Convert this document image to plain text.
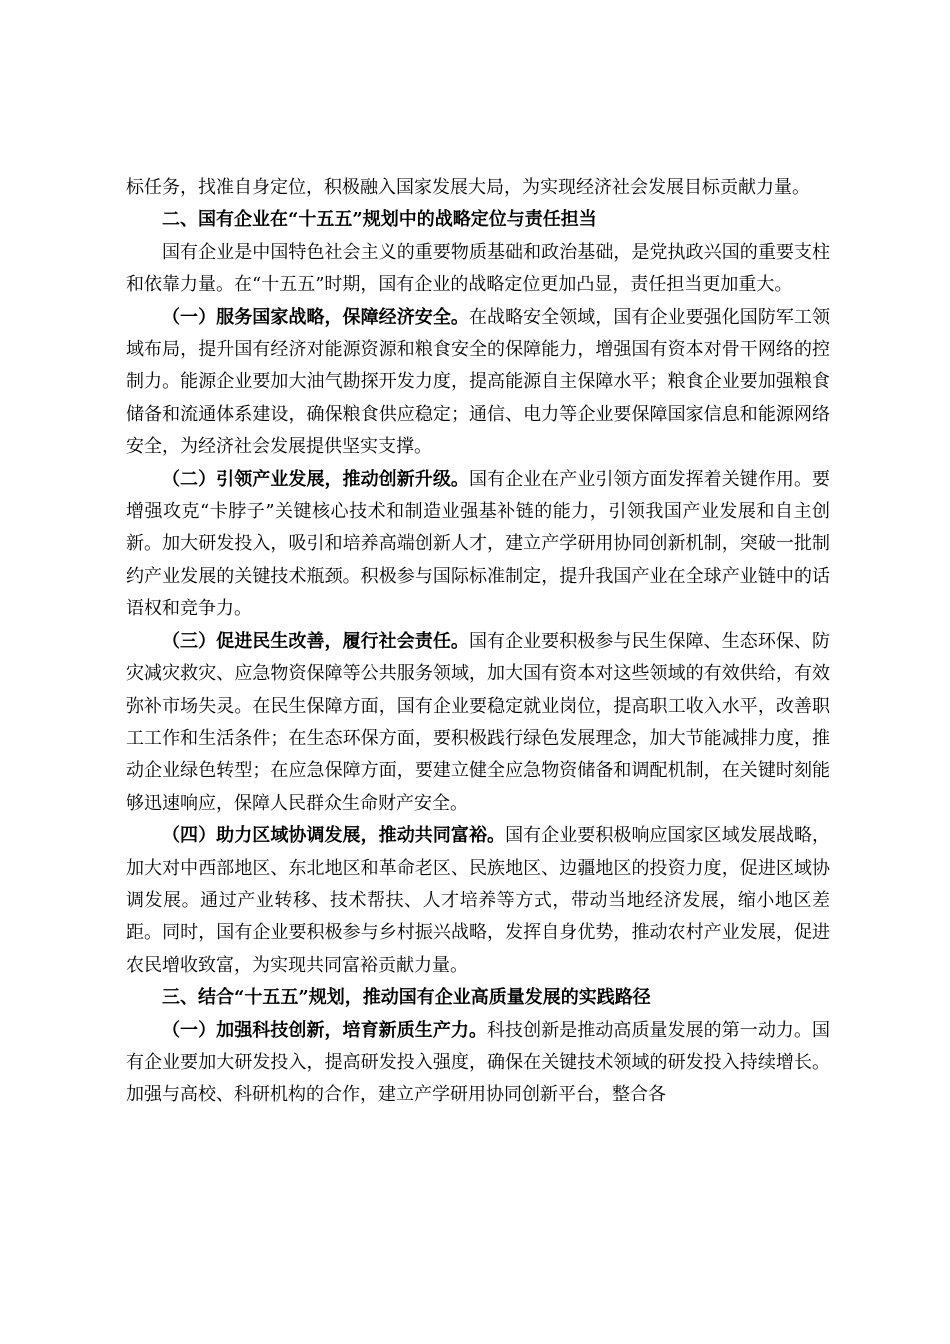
标任务，找准自身定位，积极融入国家发展大局，为实现经济社会发展目标贡献力量。

二、国有企业在“十五五”规划中的战略定位与责任担当

国有企业是中国特色社会主义的重要物质基础和政治基础，是党执政兴国的重要支柱和依靠力量。在“十五五”时期，国有企业的战略定位更加凸显，责任担当更加重大。

（一）服务国家战略，保障经济安全。在战略安全领域，国有企业要强化国防军工领域布局，提升国有经济对能源资源和粮食安全的保障能力，增强国有资本对骨干网络的控制力。能源企业要加大油气勘探开发力度，提高能源自主保障水平；粮食企业要加强粮食储备和流通体系建设，确保粮食供应稳定；通信、电力等企业要保障国家信息和能源网络安全，为经济社会发展提供坚实支撑。

（二）引领产业发展，推动创新升级。国有企业在产业引领方面发挥着关键作用。要增强攻克“卡脖子”关键核心技术和制造业强基补链的能力，引领我国产业发展和自主创新。加大研发投入，吸引和培养高端创新人才，建立产学研用协同创新机制，突破一批制约产业发展的关键技术瓶颈。积极参与国际标准制定，提升我国产业在全球产业链中的话语权和竞争力。

（三）促进民生改善，履行社会责任。国有企业要积极参与民生保障、生态环保、防灾减灾救灾、应急物资保障等公共服务领域，加大国有资本对这些领域的有效供给，有效弥补市场失灵。在民生保障方面，国有企业要稳定就业岗位，提高职工收入水平，改善职工工作和生活条件；在生态环保方面，要积极践行绿色发展理念，加大节能减排力度，推动企业绿色转型；在应急保障方面，要建立健全应急物资储备和调配机制，在关键时刻能够迅速响应，保障人民群众生命财产安全。

（四）助力区域协调发展，推动共同富裕。国有企业要积极响应国家区域发展战略，加大对中西部地区、东北地区和革命老区、民族地区、边疆地区的投资力度，促进区域协调发展。通过产业转移、技术帮扶、人才培养等方式，带动当地经济发展，缩小地区差距。同时，国有企业要积极参与乡村振兴战略，发挥自身优势，推动农村产业发展，促进农民增收致富，为实现共同富裕贡献力量。

三、结合“十五五”规划，推动国有企业高质量发展的实践路径

（一）加强科技创新，培育新质生产力。科技创新是推动高质量发展的第一动力。国有企业要加大研发投入，提高研发投入强度，确保在关键技术领域的研发投入持续增长。加强与高校、科研机构的合作，建立产学研用协同创新平台，整合各
